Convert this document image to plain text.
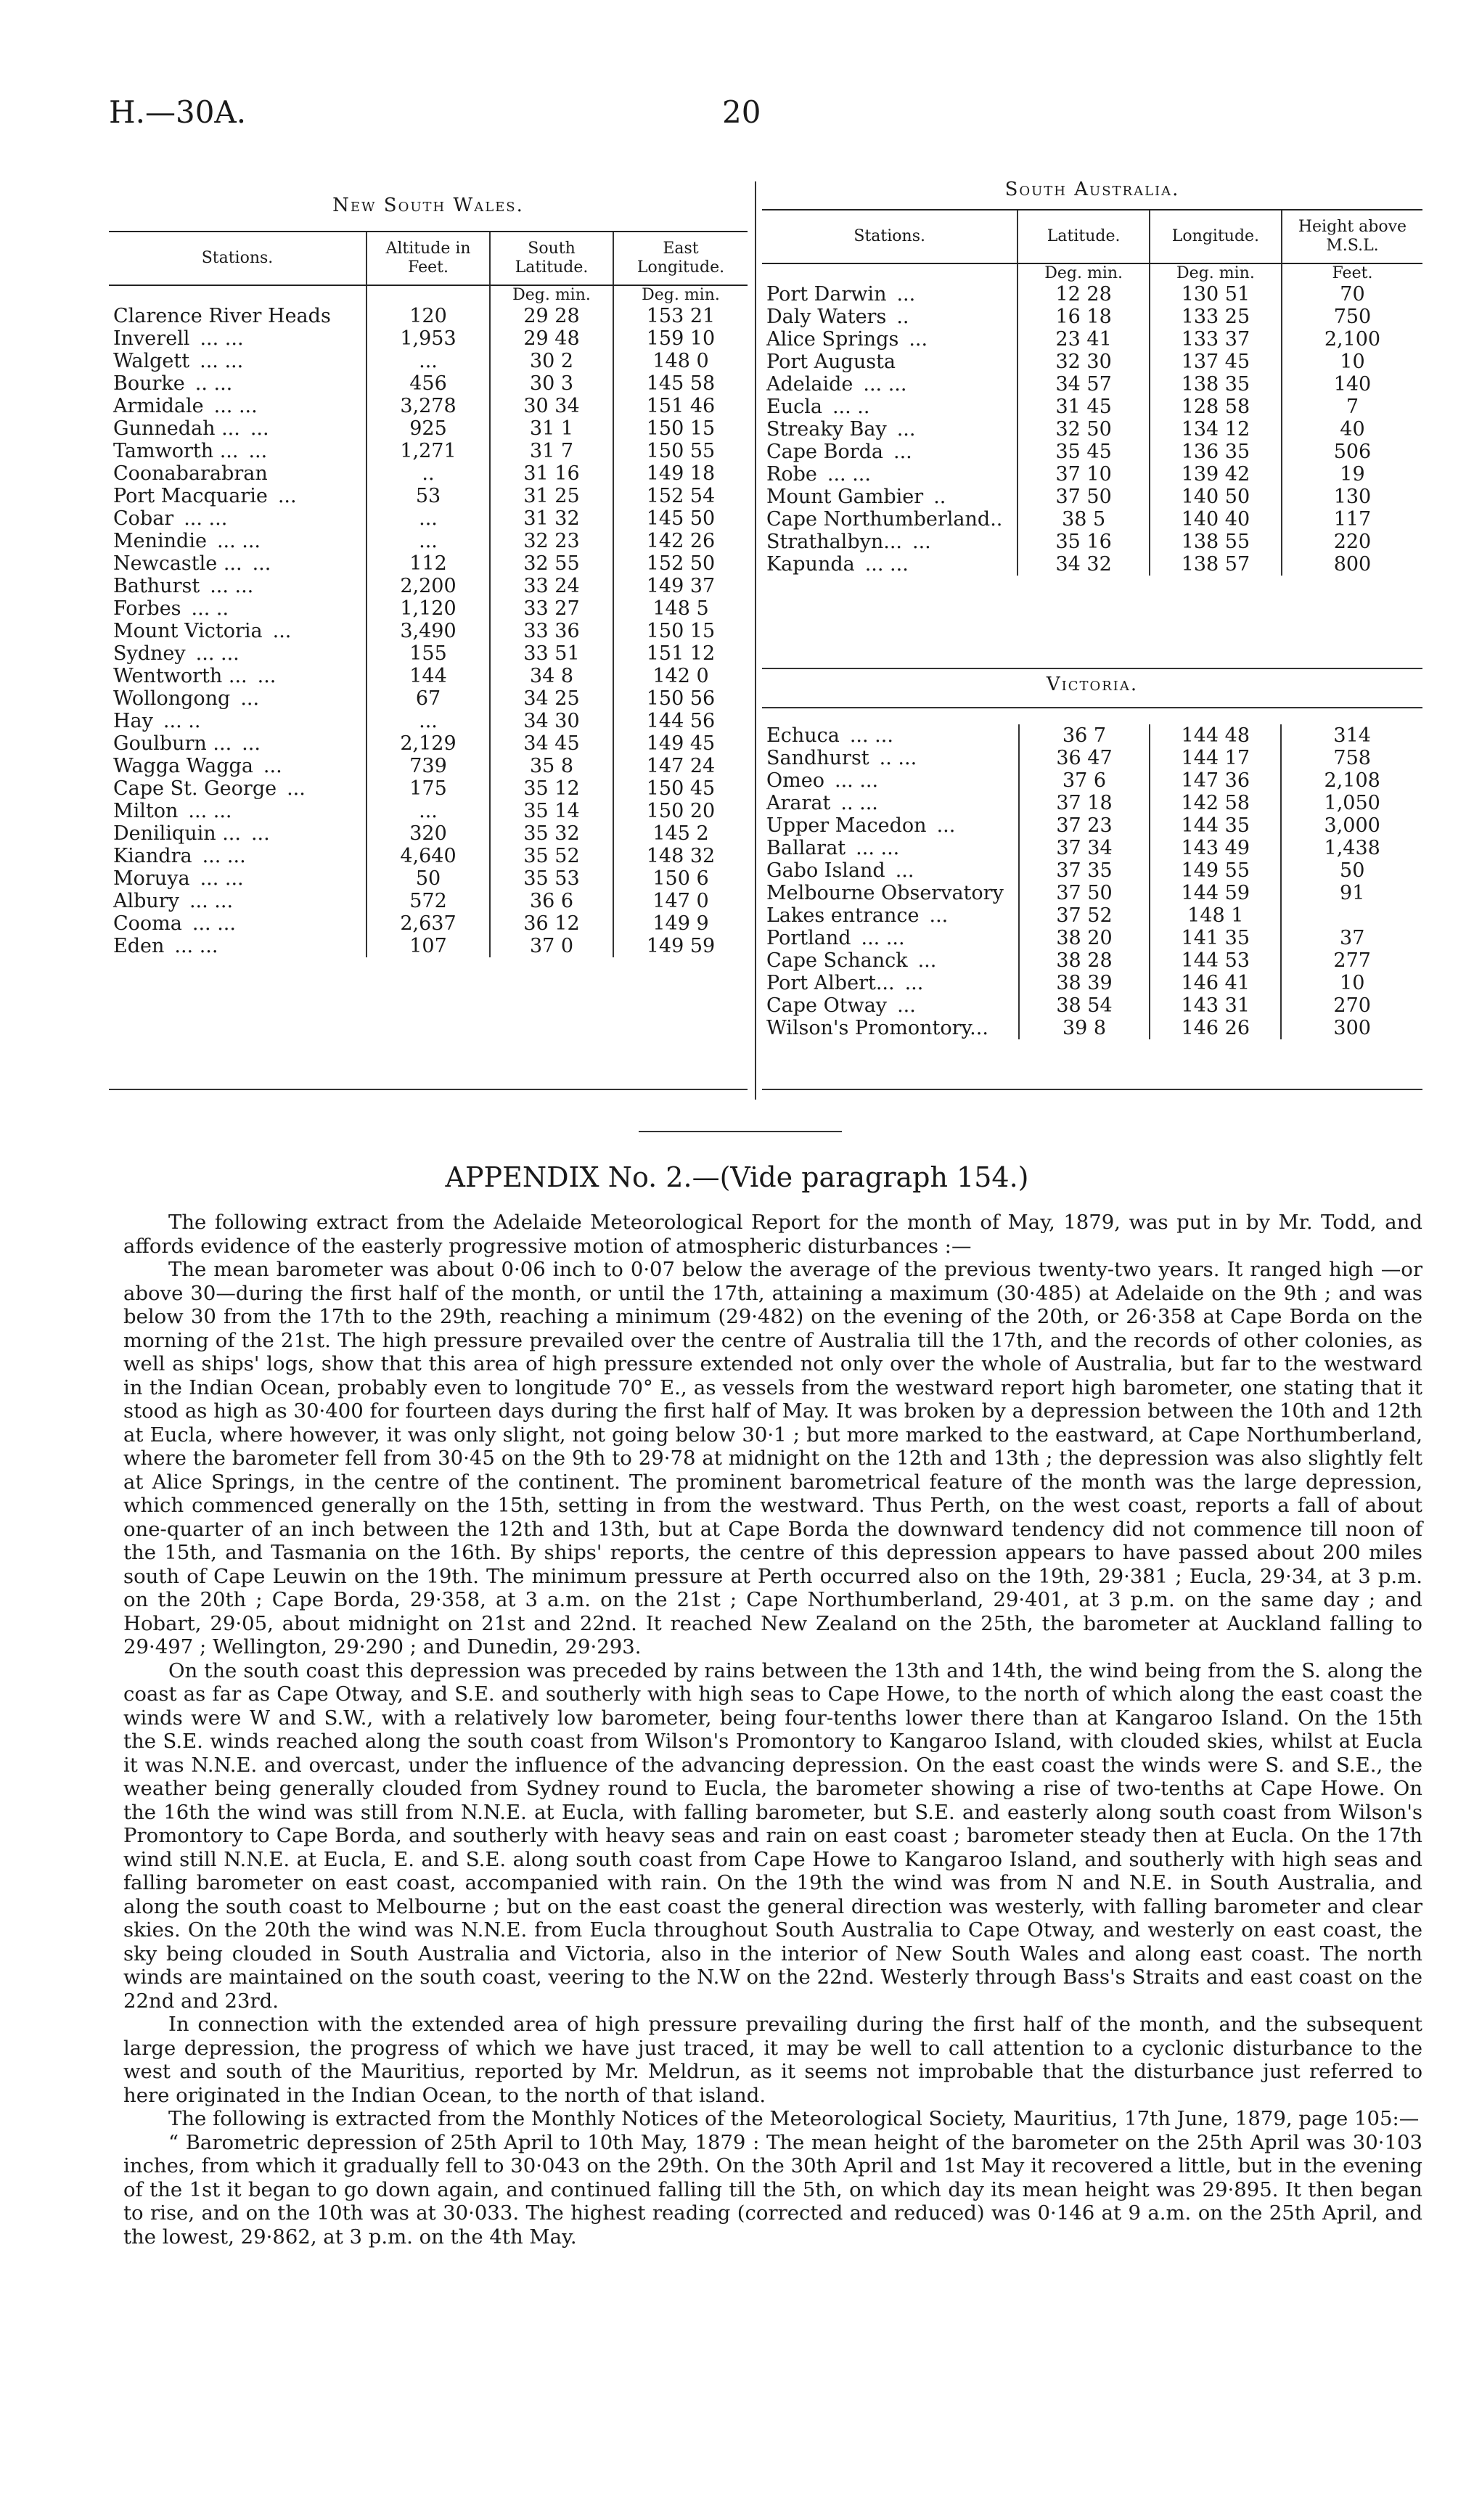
H.—30A.	20
New South Wales.
Stations.	Altitude in Feet.	South Latitude.	East Longitude.
		Deg. min.	Deg. min.
Clarence River Heads	120	29 28	153 21
Inverell ... ...	1,953	29 48	159 10
Walgett ... ...	...	30 2	148 0
Bourke .. ...	456	30 3	145 58
Armidale ... ...	3,278	30 34	151 46
Gunnedah ... ...	925	31 1	150 15
Tamworth ... ...	1,271	31 7	150 55
Coonabarabran	..	31 16	149 18
Port Macquarie ...	53	31 25	152 54
Cobar ... ...	...	31 32	145 50
Menindie ... ...	...	32 23	142 26
Newcastle ... ...	112	32 55	152 50
Bathurst ... ...	2,200	33 24	149 37
Forbes ... ..	1,120	33 27	148 5
Mount Victoria ...	3,490	33 36	150 15
Sydney ... ...	155	33 51	151 12
Wentworth ... ...	144	34 8	142 0
Wollongong ...	67	34 25	150 56
Hay ... ..	...	34 30	144 56
Goulburn ... ...	2,129	34 45	149 45
Wagga Wagga ...	739	35 8	147 24
Cape St. George ...	175	35 12	150 45
Milton ... ...	...	35 14	150 20
Deniliquin ... ...	320	35 32	145 2
Kiandra ... ...	4,640	35 52	148 32
Moruya ... ...	50	35 53	150 6
Albury ... ...	572	36 6	147 0
Cooma ... ...	2,637	36 12	149 9
Eden ... ...	107	37 0	149 59
South Australia.
Stations.	Latitude.	Longitude.	Height above M.S.L.
	Deg. min.	Deg. min.	Feet.
Port Darwin ...	12 28	130 51	70
Daly Waters ..	16 18	133 25	750
Alice Springs ...	23 41	133 37	2,100
Port Augusta	32 30	137 45	10
Adelaide ... ...	34 57	138 35	140
Eucla ... ..	31 45	128 58	7
Streaky Bay ...	32 50	134 12	40
Cape Borda ...	35 45	136 35	506
Robe ... ...	37 10	139 42	19
Mount Gambier ..	37 50	140 50	130
Cape Northumberland..	38 5	140 40	117
Strathalbyn... ...	35 16	138 55	220
Kapunda ... ...	34 32	138 57	800
Victoria.
Echuca ... ...	36 7	144 48	314
Sandhurst .. ...	36 47	144 17	758
Omeo ... ...	37 6	147 36	2,108
Ararat .. ...	37 18	142 58	1,050
Upper Macedon ...	37 23	144 35	3,000
Ballarat ... ...	37 34	143 49	1,438
Gabo Island ...	37 35	149 55	50
Melbourne Observatory	37 50	144 59	91
Lakes entrance ...	37 52	148 1	
Portland ... ...	38 20	141 35	37
Cape Schanck ...	38 28	144 53	277
Port Albert... ...	38 39	146 41	10
Cape Otway ...	38 54	143 31	270
Wilson's Promontory...	39 8	146 26	300
APPENDIX No. 2.—(Vide paragraph 154.)

The following extract from the Adelaide Meteorological Report for the month of May, 1879, was put in by Mr. Todd, and affords evidence of the easterly progressive motion of atmospheric disturbances :—

The mean barometer was about 0·06 inch to 0·07 below the average of the previous twenty-two years. It ranged high —or above 30—during the first half of the month, or until the 17th, attaining a maximum (30·485) at Adelaide on the 9th ; and was below 30 from the 17th to the 29th, reaching a minimum (29·482) on the evening of the 20th, or 26·358 at Cape Borda on the morning of the 21st. The high pressure prevailed over the centre of Australia till the 17th, and the records of other colonies, as well as ships' logs, show that this area of high pressure extended not only over the whole of Australia, but far to the westward in the Indian Ocean, probably even to longitude 70° E., as vessels from the westward report high barometer, one stating that it stood as high as 30·400 for fourteen days during the first half of May. It was broken by a depression between the 10th and 12th at Eucla, where however, it was only slight, not going below 30·1 ; but more marked to the eastward, at Cape Northumberland, where the barometer fell from 30·45 on the 9th to 29·78 at midnight on the 12th and 13th ; the depression was also slightly felt at Alice Springs, in the centre of the continent. The prominent barometrical feature of the month was the large depression, which commenced generally on the 15th, setting in from the westward. Thus Perth, on the west coast, reports a fall of about one-quarter of an inch between the 12th and 13th, but at Cape Borda the downward tendency did not commence till noon of the 15th, and Tasmania on the 16th. By ships' reports, the centre of this depression appears to have passed about 200 miles south of Cape Leuwin on the 19th. The minimum pressure at Perth occurred also on the 19th, 29·381 ; Eucla, 29·34, at 3 p.m. on the 20th ; Cape Borda, 29·358, at 3 a.m. on the 21st ; Cape Northumberland, 29·401, at 3 p.m. on the same day ; and Hobart, 29·05, about midnight on 21st and 22nd. It reached New Zealand on the 25th, the barometer at Auckland falling to 29·497 ; Wellington, 29·290 ; and Dunedin, 29·293.

On the south coast this depression was preceded by rains between the 13th and 14th, the wind being from the S. along the coast as far as Cape Otway, and S.E. and southerly with high seas to Cape Howe, to the north of which along the east coast the winds were W and S.W., with a relatively low barometer, being four-tenths lower there than at Kangaroo Island. On the 15th the S.E. winds reached along the south coast from Wilson's Promontory to Kangaroo Island, with clouded skies, whilst at Eucla it was N.N.E. and overcast, under the influence of the advancing depression. On the east coast the winds were S. and S.E., the weather being generally clouded from Sydney round to Eucla, the barometer showing a rise of two-tenths at Cape Howe. On the 16th the wind was still from N.N.E. at Eucla, with falling barometer, but S.E. and easterly along south coast from Wilson's Promontory to Cape Borda, and southerly with heavy seas and rain on east coast ; barometer steady then at Eucla. On the 17th wind still N.N.E. at Eucla, E. and S.E. along south coast from Cape Howe to Kangaroo Island, and southerly with high seas and falling barometer on east coast, accompanied with rain. On the 19th the wind was from N and N.E. in South Australia, and along the south coast to Melbourne ; but on the east coast the general direction was westerly, with falling barometer and clear skies. On the 20th the wind was N.N.E. from Eucla throughout South Australia to Cape Otway, and westerly on east coast, the sky being clouded in South Australia and Victoria, also in the interior of New South Wales and along east coast. The north winds are maintained on the south coast, veering to the N.W on the 22nd. Westerly through Bass's Straits and east coast on the 22nd and 23rd.

In connection with the extended area of high pressure prevailing during the first half of the month, and the subsequent large depression, the progress of which we have just traced, it may be well to call attention to a cyclonic disturbance to the west and south of the Mauritius, reported by Mr. Meldrun, as it seems not improbable that the disturbance just referred to here originated in the Indian Ocean, to the north of that island.

The following is extracted from the Monthly Notices of the Meteorological Society, Mauritius, 17th June, 1879, page 105:—

“ Barometric depression of 25th April to 10th May, 1879 : The mean height of the barometer on the 25th April was 30·103 inches, from which it gradually fell to 30·043 on the 29th. On the 30th April and 1st May it recovered a little, but in the evening of the 1st it began to go down again, and continued falling till the 5th, on which day its mean height was 29·895. It then began to rise, and on the 10th was at 30·033. The highest reading (corrected and reduced) was 0·146 at 9 a.m. on the 25th April, and the lowest, 29·862, at 3 p.m. on the 4th May.
